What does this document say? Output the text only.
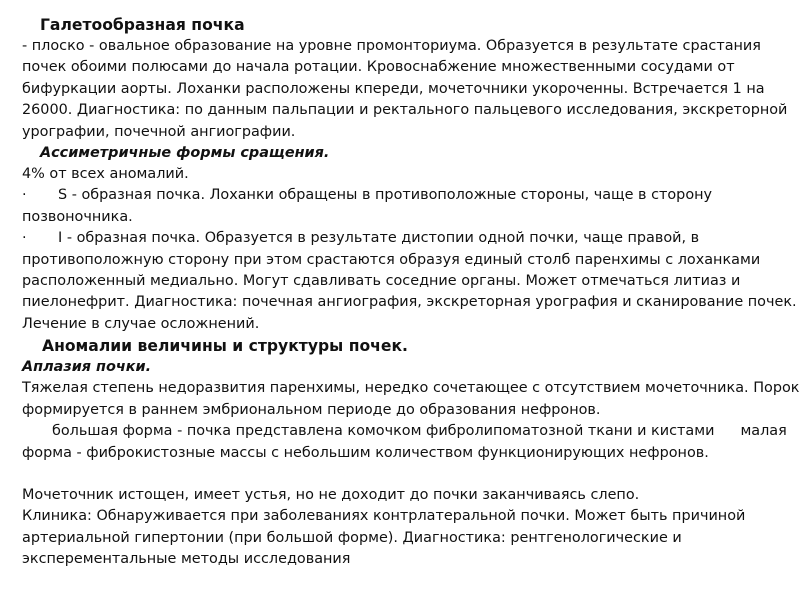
Галетообразная почка
- плоско - овальное образование на уровне промонториума. Образуется в результате срастания
почек обоими полюсами до начала ротации. Кровоснабжение множественными сосудами от
бифуркации аорты. Лоханки расположены кпереди, мочеточники укороченны. Встречается 1 на
26000. Диагностика: по данным пальпации и ректального пальцевого исследования, экскреторной
урографии, почечной ангиографии.
Ассиметричные формы сращения.
4% от всех аномалий.
· S - образная почка. Лоханки обращены в противоположные стороны, чаще в сторону
позвоночника.
· I - образная почка. Образуется в результате дистопии одной почки, чаще правой, в
противоположную сторону при этом срастаются образуя единый столб паренхимы с лоханками
расположенный медиально. Могут сдавливать соседние органы. Может отмечаться литиаз и
пиелонефрит. Диагностика: почечная ангиография, экскреторная урография и сканирование почек.
Лечение в случае осложнений.
Аномалии величины и структуры почек.
Аплазия почки.
Тяжелая степень недоразвития паренхимы, нередко сочетающее с отсутствием мочеточника. Порок
формируется в раннем эмбриональном периоде до образования нефронов.
большая форма - почка представлена комочком фибролипоматозной ткани и кистами малая
форма - фиброкистозные массы с небольшим количеством функционирующих нефронов.
Мочеточник истощен, имеет устья, но не доходит до почки заканчиваясь слепо.
Клиника: Обнаруживается при заболеваниях контрлатеральной почки. Может быть причиной
артериальной гипертонии (при большой форме). Диагностика: рентгенологические и
эксперементальные методы исследования
